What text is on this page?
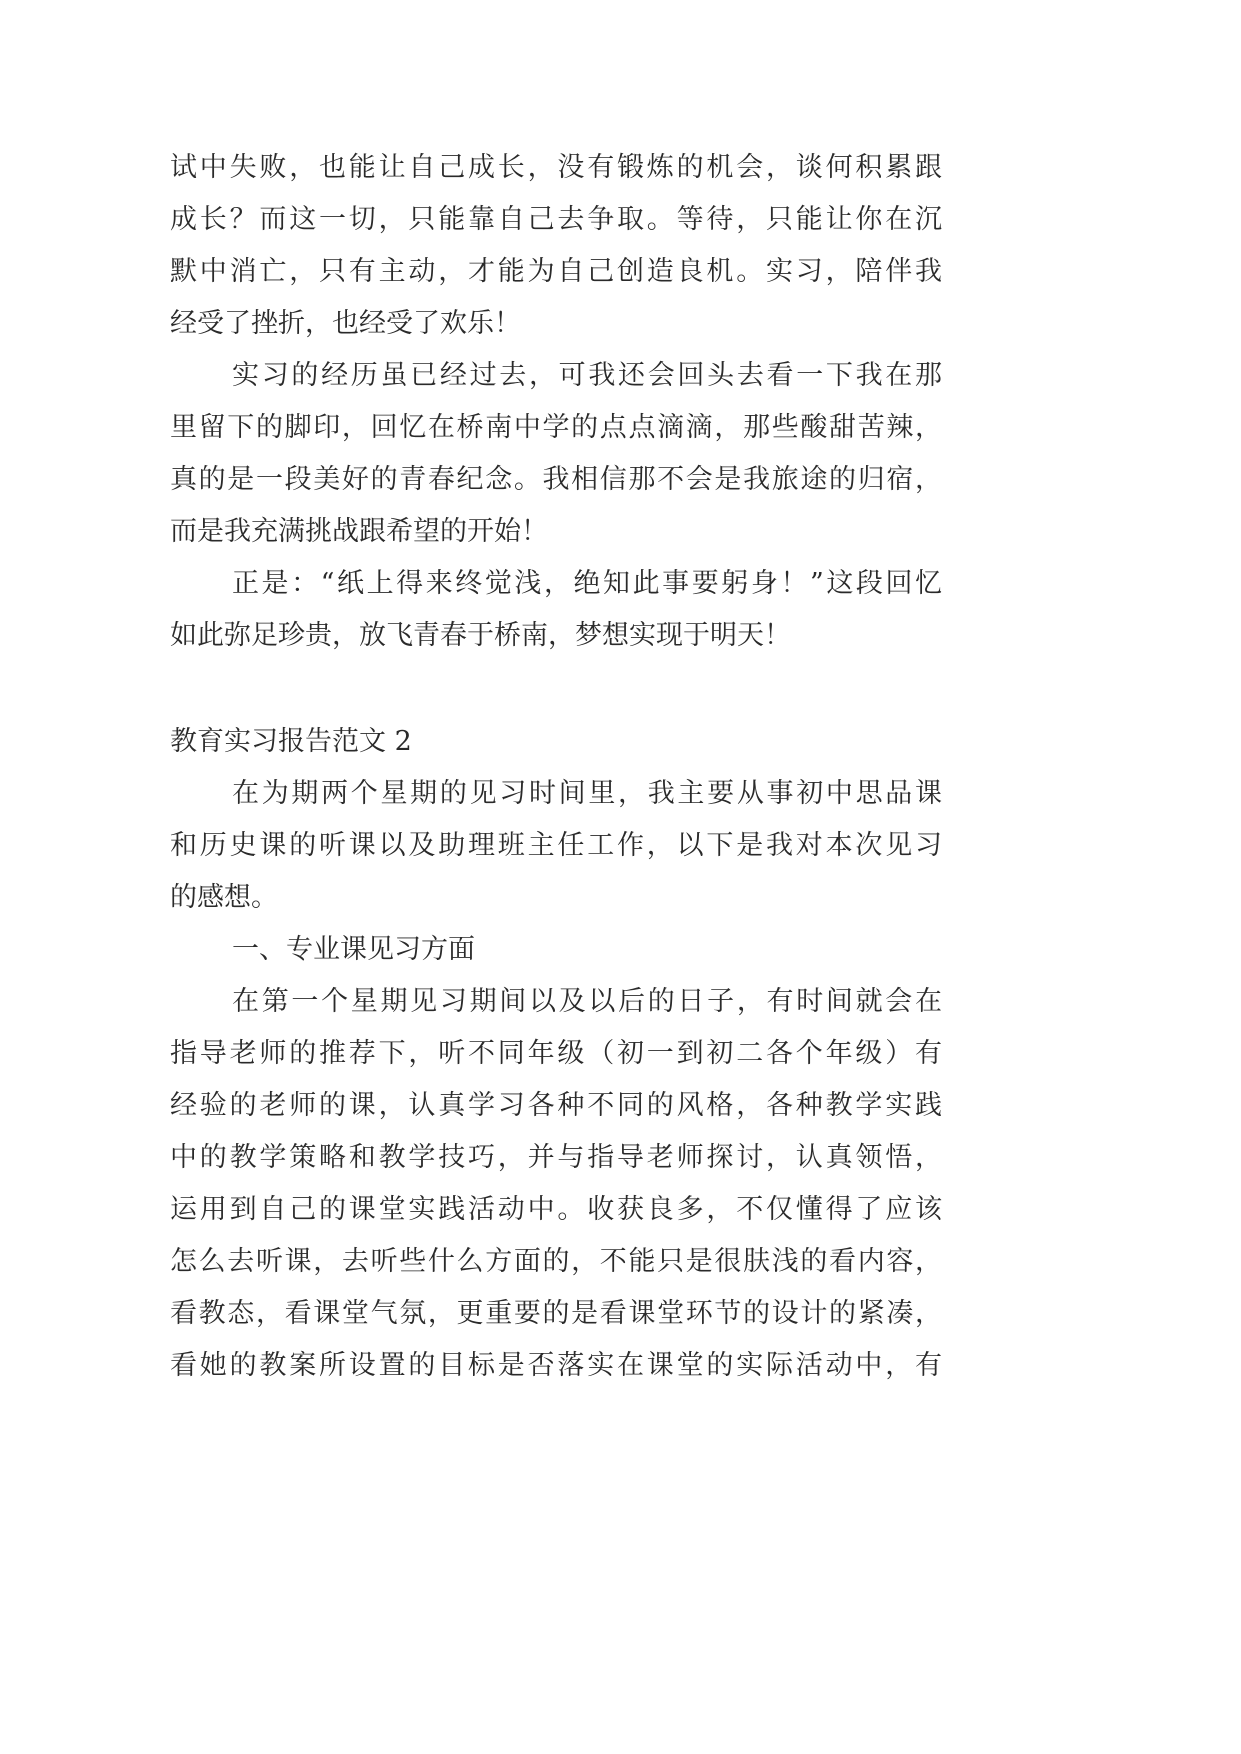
试中失败，也能让自己成长，没有锻炼的机会，谈何积累跟
成长？而这一切，只能靠自己去争取。等待，只能让你在沉
默中消亡，只有主动，才能为自己创造良机。实习，陪伴我
经受了挫折，也经受了欢乐！
实习的经历虽已经过去，可我还会回头去看一下我在那
里留下的脚印，回忆在桥南中学的点点滴滴，那些酸甜苦辣，
真的是一段美好的青春纪念。我相信那不会是我旅途的归宿，
而是我充满挑战跟希望的开始！
正是：“纸上得来终觉浅，绝知此事要躬身！”这段回忆
如此弥足珍贵，放飞青春于桥南，梦想实现于明天！
教育实习报告范文 2
在为期两个星期的见习时间里，我主要从事初中思品课
和历史课的听课以及助理班主任工作，以下是我对本次见习
的感想。
一、专业课见习方面
在第一个星期见习期间以及以后的日子，有时间就会在
指导老师的推荐下，听不同年级（初一到初二各个年级）有
经验的老师的课，认真学习各种不同的风格，各种教学实践
中的教学策略和教学技巧，并与指导老师探讨，认真领悟，
运用到自己的课堂实践活动中。收获良多，不仅懂得了应该
怎么去听课，去听些什么方面的，不能只是很肤浅的看内容，
看教态，看课堂气氛，更重要的是看课堂环节的设计的紧凑，
看她的教案所设置的目标是否落实在课堂的实际活动中，有
